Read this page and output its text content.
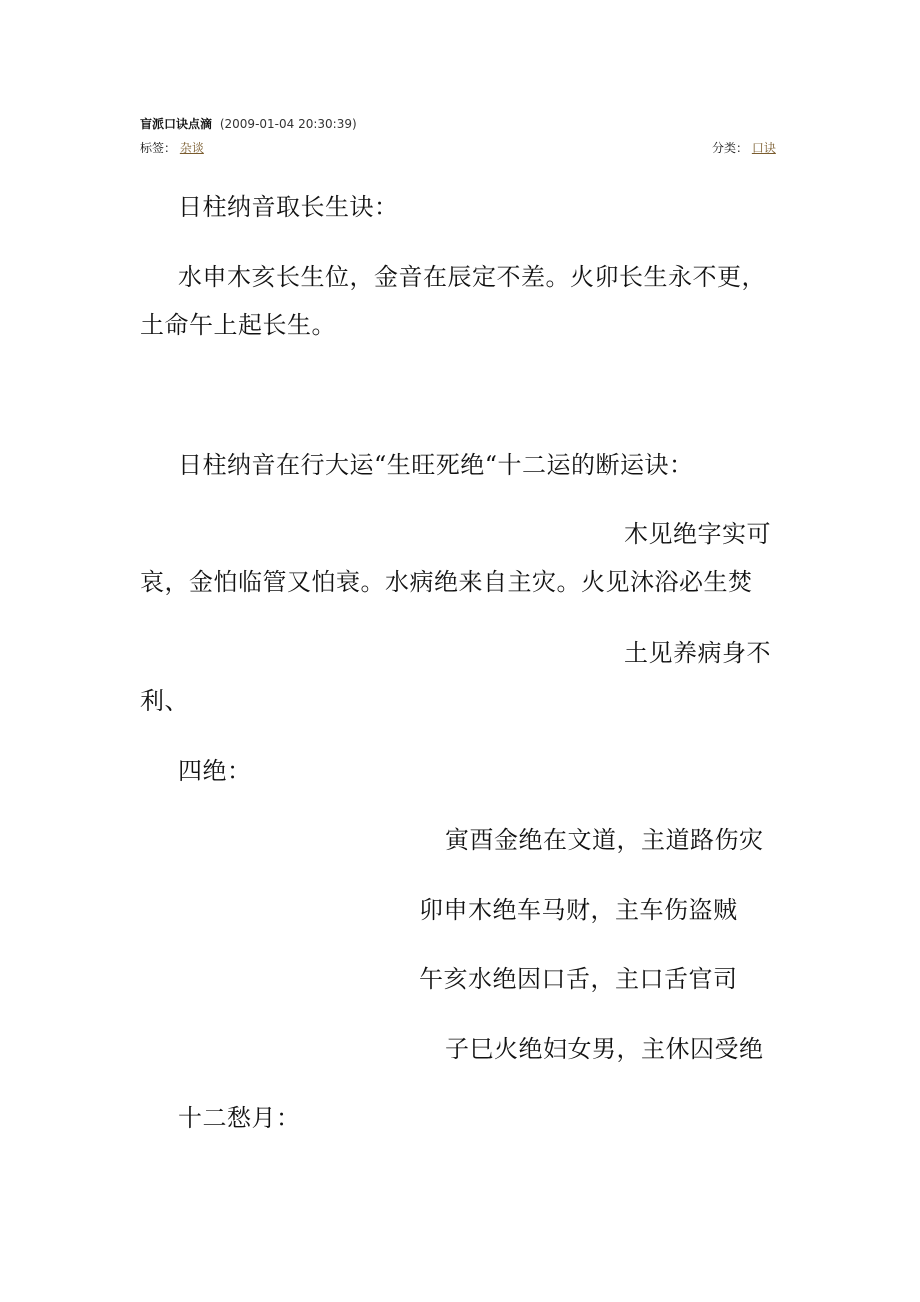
盲派口诀点滴 (2009-01-04 20:30:39)
标签： 杂谈	分类： 口诀
日柱纳音取长生诀：
水申木亥长生位，金音在辰定不差。火卯长生永不更，
土命午上起长生。
日柱纳音在行大运“生旺死绝“十二运的断运诀：
木见绝字实可
哀，金怕临管又怕衰。水病绝来自主灾。火见沐浴必生焚
土见养病身不
利、
四绝：
寅酉金绝在文道，主道路伤灾
卯申木绝车马财，主车伤盗贼
午亥水绝因口舌，主口舌官司
子巳火绝妇女男，主休囚受绝
十二愁月：
